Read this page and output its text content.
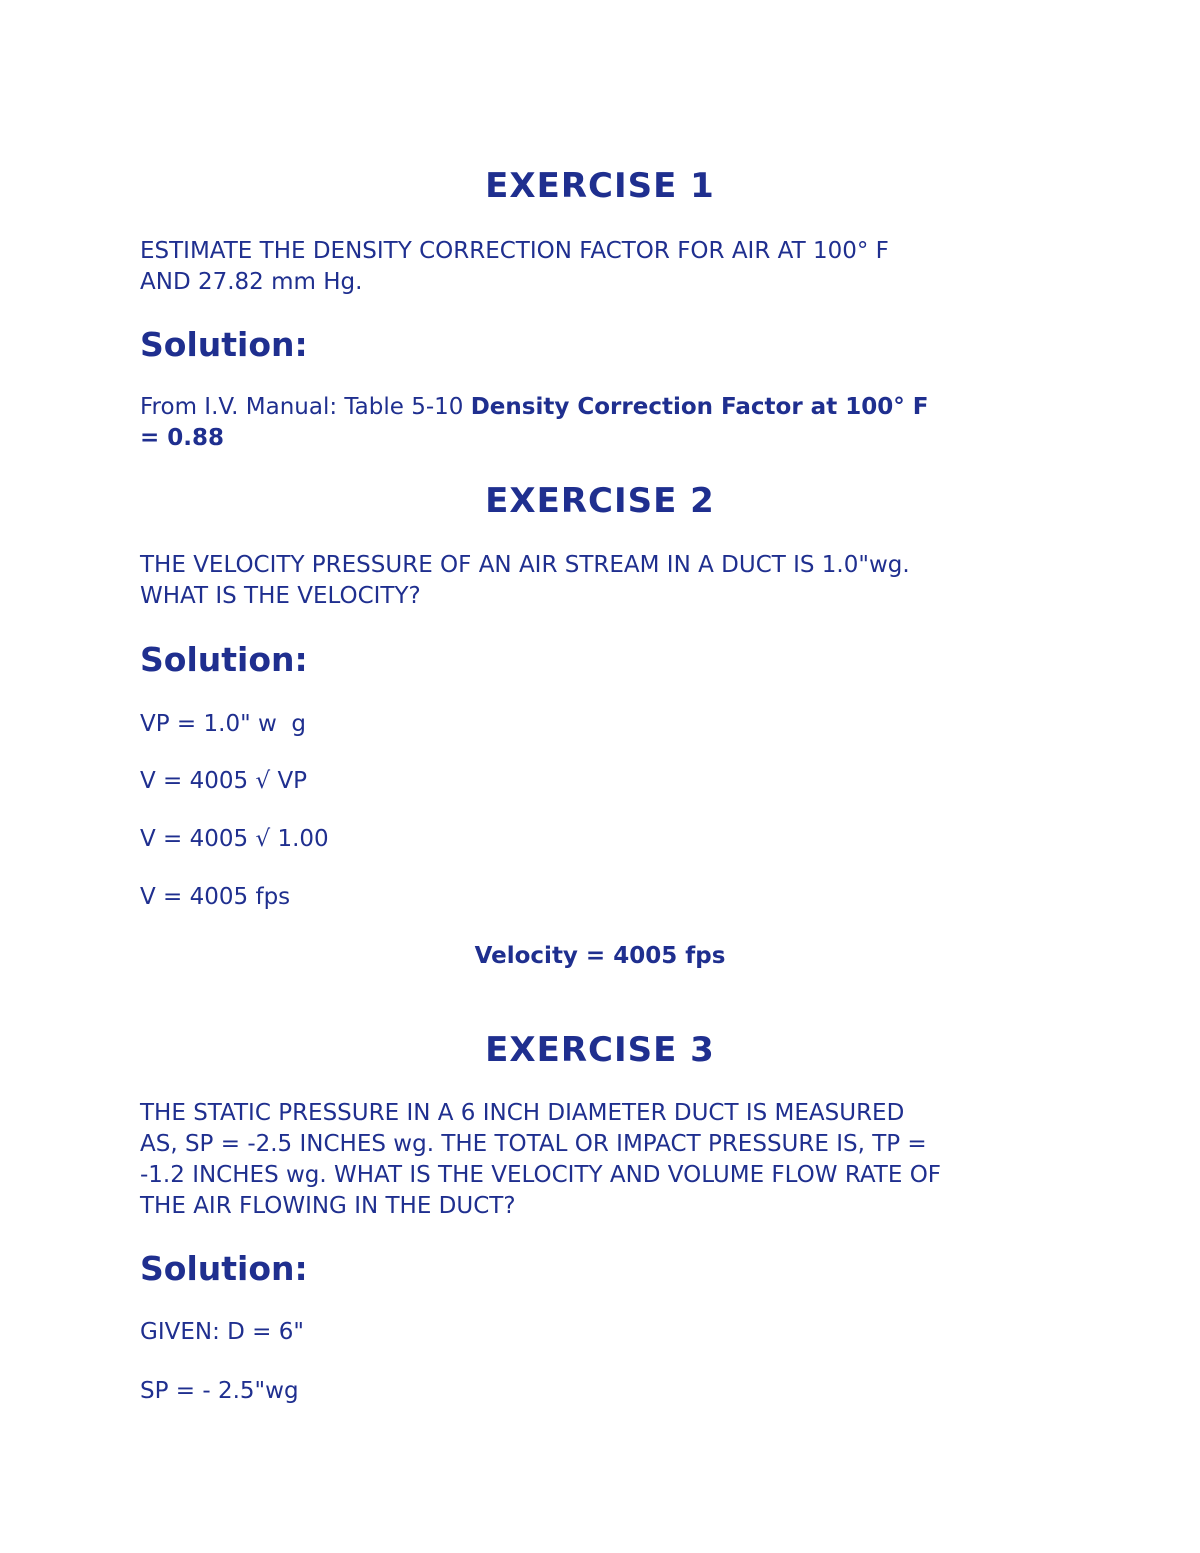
EXERCISE 1
ESTIMATE THE DENSITY CORRECTION FACTOR FOR AIR AT 100° F
AND 27.82 mm Hg.
Solution:
From I.V. Manual: Table 5-10 Density Correction Factor at 100° F
= 0.88
EXERCISE 2
THE VELOCITY PRESSURE OF AN AIR STREAM IN A DUCT IS 1.0"wg.
WHAT IS THE VELOCITY?
Solution:
VP = 1.0" w  g
V = 4005 √ VP
V = 4005 √ 1.00
V = 4005 fps
Velocity = 4005 fps
EXERCISE 3
THE STATIC PRESSURE IN A 6 INCH DIAMETER DUCT IS MEASURED
AS, SP = -2.5 INCHES wg. THE TOTAL OR IMPACT PRESSURE IS, TP =
-1.2 INCHES wg. WHAT IS THE VELOCITY AND VOLUME FLOW RATE OF
THE AIR FLOWING IN THE DUCT?
Solution:
GIVEN: D = 6"
SP = - 2.5"wg
